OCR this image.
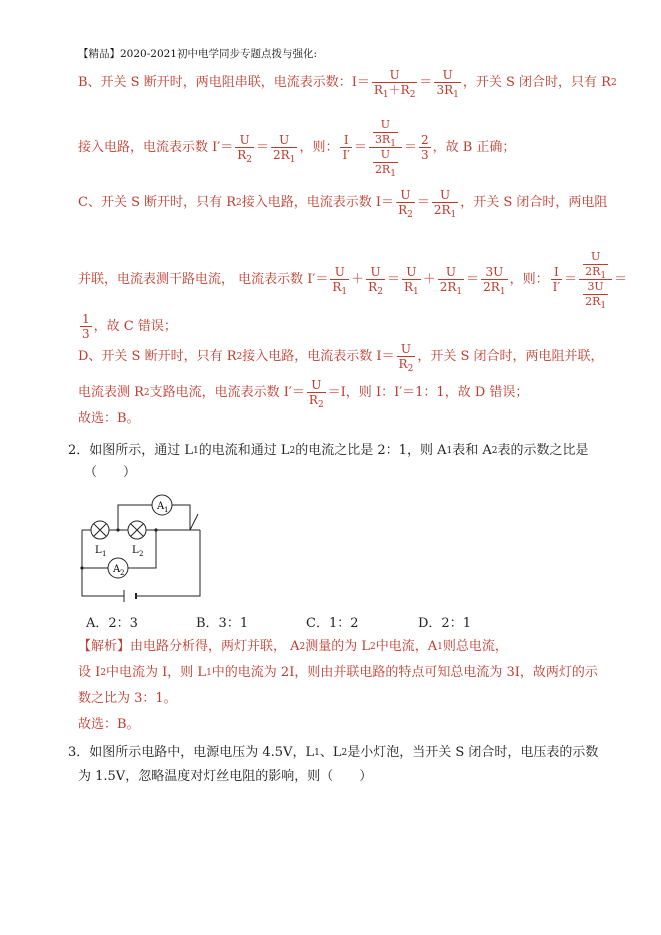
【精品】2020-2021初中电学同步专题点拨与强化:
B、开关 S 断开时，两电阻串联，电流表示数：$I= \frac{U}{R_1+R_2} = \frac{U}{3R_1}$ ，开关 S 闭合时，只有 R 2
接入电路，电流表示数 $I'= \frac{U}{R_2} = \frac{U}{2R_1}$ ，则： $\frac{I}{I'} = \frac{\frac{U}{3R_1}}{\frac{U}{2R_1}} = \frac{2}{3}$ ，故 B 正确；
C、开关 S 断开时，只有 R 2 接入电路，电流表示数 $I= \frac{U}{R_2} = \frac{U}{2R_1}$ ，开关 S 闭合时，两电阻
并联，电流表测干路电流， 电流表示数 $I'= \frac{U}{R_1} + \frac{U}{R_2} = \frac{U}{R_1} + \frac{U}{2R_1} = \frac{3U}{2R_1}$ ，则： $\frac{I}{I'} = \frac{\frac{U}{2R_1}}{\frac{3U}{2R_1}}$ ＝
$\frac{1}{3}$ ，故 C 错误；
D、开关 S 断开时，只有 R 2 接入电路，电流表示数 $I= \frac{U}{R_2}$ ，开关 S 闭合时，两电阻并联，
电流表测 R 2 支路电流，电流表示数 $I'= \frac{U}{R_2} =I$，则 I：I′＝1：1，故 D 错误；
故选：B。
2．如图所示，通过 L 1 的电流和通过 L 2 的电流之比是 2：1，则 A 1 表和 A 2 表的示数之比是
（　　）
A 1
A 2
L 1	L 2
A．2：3	B．3：1	C．1：2	D．2：1
【解析】 由电路分析得，两灯并联， A 2 测量的为 L 2 中电流，A 1 则总电流，
设 I 2 中电流为 I，则 L 1 中的电流为 2I，则由并联电路的特点可知总电流为 3I，故两灯的示
数之比为 3：1。
故选：B。
3．如图所示电路中，电源电压为 4.5V，L 1 、L 2 是小灯泡，当开关 S 闭合时，电压表的示数
为 1.5V，忽略温度对灯丝电阻的影响，则（　　）
